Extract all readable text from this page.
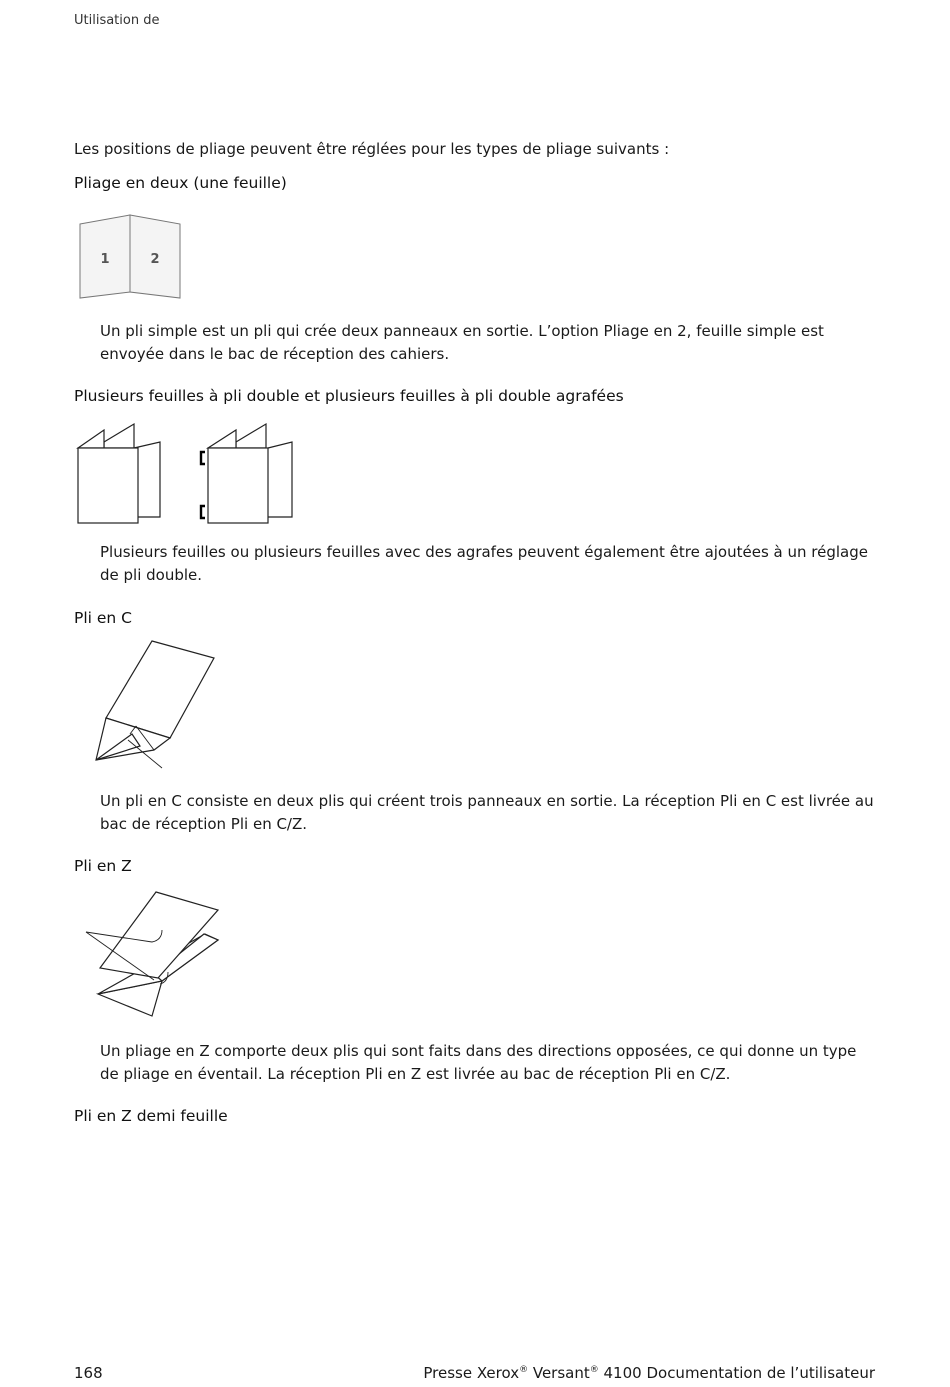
Utilisation de
Les positions de pliage peuvent être réglées pour les types de pliage suivants :
Pliage en deux (une feuille)
1	2
Un pli simple est un pli qui crée deux panneaux en sortie. L’option Pliage en 2, feuille simple est envoyée dans le bac de réception des cahiers.
Plusieurs feuilles à pli double et plusieurs feuilles à pli double agrafées
Plusieurs feuilles ou plusieurs feuilles avec des agrafes peuvent également être ajoutées à un réglage de pli double.
Pli en C
Un pli en C consiste en deux plis qui créent trois panneaux en sortie. La réception Pli en C est livrée au bac de réception Pli en C/Z.
Pli en Z
Un pliage en Z comporte deux plis qui sont faits dans des directions opposées, ce qui donne un type de pliage en éventail. La réception Pli en Z est livrée au bac de réception Pli en C/Z.
Pli en Z demi feuille
168	Presse Xerox® Versant® 4100 Documentation de l’utilisateur
